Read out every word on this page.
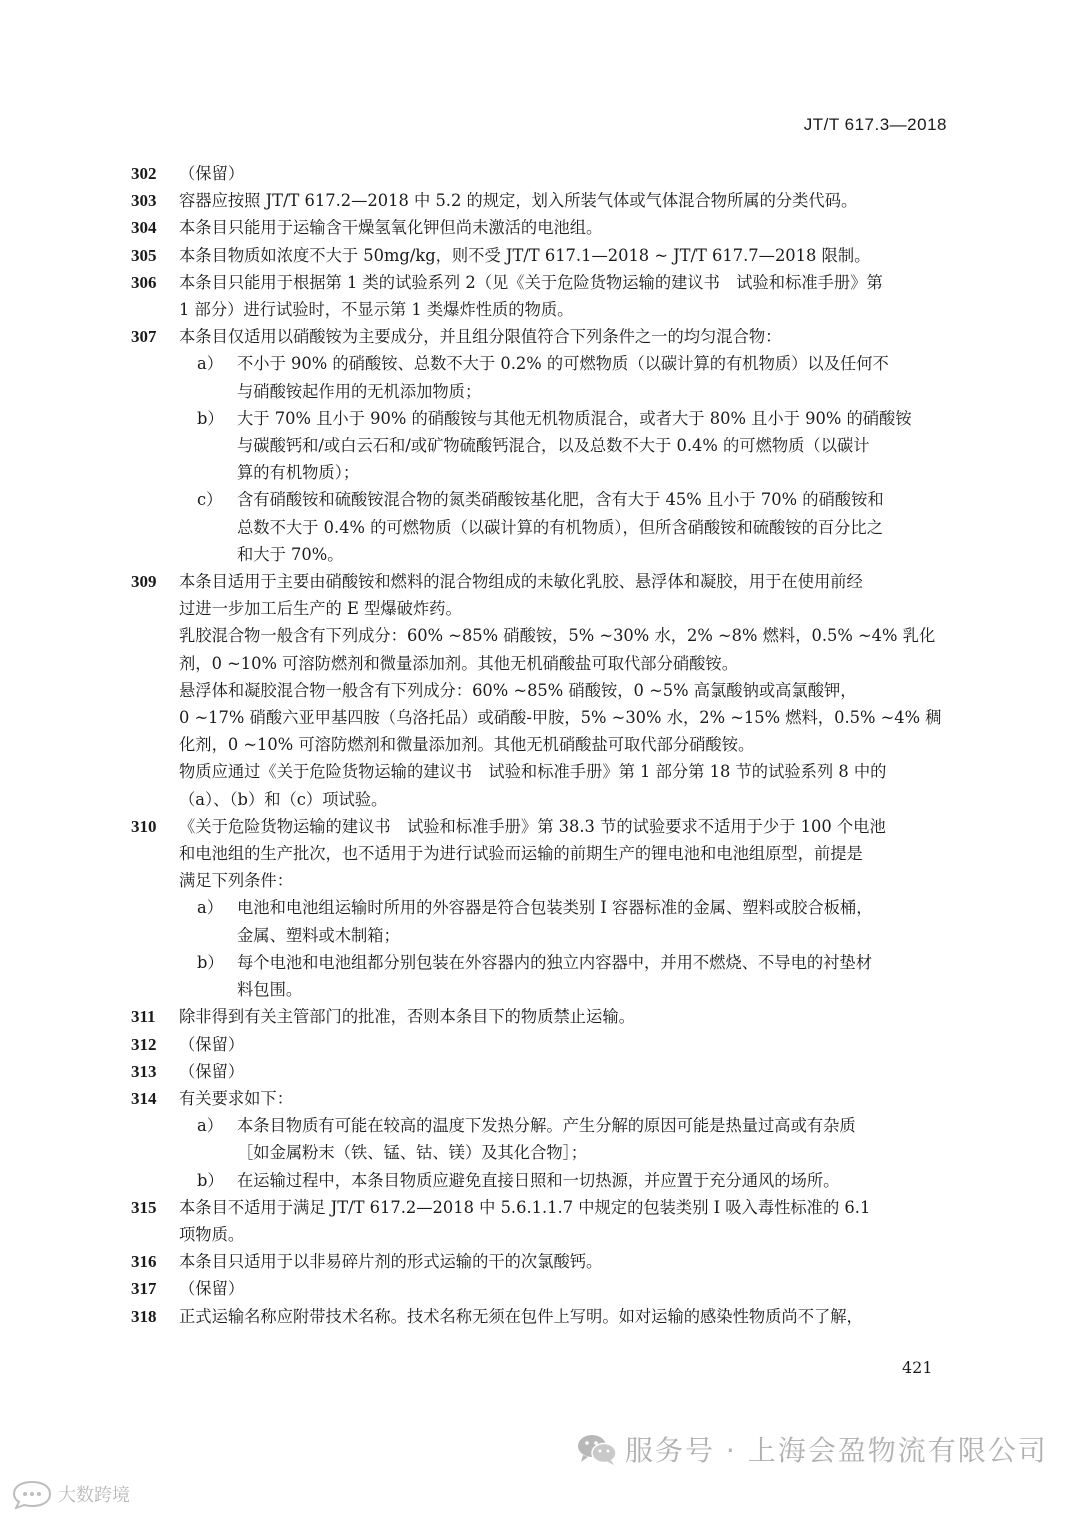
JT/T 617.3—2018
302	（保留）
303	容器应按照 JT/T 617.2—2018 中 5.2 的规定，划入所装气体或气体混合物所属的分类代码。
304	本条目只能用于运输含干燥氢氧化钾但尚未激活的电池组。
305	本条目物质如浓度不大于 50mg/kg，则不受 JT/T 617.1—2018 ~ JT/T 617.7—2018 限制。
306	本条目只能用于根据第 1 类的试验系列 2（见《关于危险货物运输的建议书　试验和标准手册》第
1 部分）进行试验时，不显示第 1 类爆炸性质的物质。
307	本条目仅适用以硝酸铵为主要成分，并且组分限值符合下列条件之一的均匀混合物：
a） 不小于 90% 的硝酸铵、总数不大于 0.2% 的可燃物质（以碳计算的有机物质）以及任何不
与硝酸铵起作用的无机添加物质；
b） 大于 70% 且小于 90% 的硝酸铵与其他无机物质混合，或者大于 80% 且小于 90% 的硝酸铵
与碳酸钙和/或白云石和/或矿物硫酸钙混合，以及总数不大于 0.4% 的可燃物质（以碳计
算的有机物质）；
c） 含有硝酸铵和硫酸铵混合物的氮类硝酸铵基化肥，含有大于 45% 且小于 70% 的硝酸铵和
总数不大于 0.4% 的可燃物质（以碳计算的有机物质），但所含硝酸铵和硫酸铵的百分比之
和大于 70%。
309	本条目适用于主要由硝酸铵和燃料的混合物组成的未敏化乳胶、悬浮体和凝胶，用于在使用前经
过进一步加工后生产的 E 型爆破炸药。
乳胶混合物一般含有下列成分：60% ~85% 硝酸铵，5% ~30% 水，2% ~8% 燃料，0.5% ~4% 乳化
剂，0 ~10% 可溶防燃剂和微量添加剂。其他无机硝酸盐可取代部分硝酸铵。
悬浮体和凝胶混合物一般含有下列成分：60% ~85% 硝酸铵，0 ~5% 高氯酸钠或高氯酸钾，
0 ~17% 硝酸六亚甲基四胺（乌洛托品）或硝酸-甲胺，5% ~30% 水，2% ~15% 燃料，0.5% ~4% 稠
化剂，0 ~10% 可溶防燃剂和微量添加剂。其他无机硝酸盐可取代部分硝酸铵。
物质应通过《关于危险货物运输的建议书　试验和标准手册》第 1 部分第 18 节的试验系列 8 中的
（a）、（b）和（c）项试验。
310	《关于危险货物运输的建议书　试验和标准手册》第 38.3 节的试验要求不适用于少于 100 个电池
和电池组的生产批次，也不适用于为进行试验而运输的前期生产的锂电池和电池组原型，前提是
满足下列条件：
a） 电池和电池组运输时所用的外容器是符合包装类别 Ⅰ 容器标准的金属、塑料或胶合板桶，
金属、塑料或木制箱；
b） 每个电池和电池组都分别包装在外容器内的独立内容器中，并用不燃烧、不导电的衬垫材
料包围。
311	除非得到有关主管部门的批准，否则本条目下的物质禁止运输。
312	（保留）
313	（保留）
314	有关要求如下：
a） 本条目物质有可能在较高的温度下发热分解。产生分解的原因可能是热量过高或有杂质
［如金属粉末（铁、锰、钴、镁）及其化合物］；
b） 在运输过程中，本条目物质应避免直接日照和一切热源，并应置于充分通风的场所。
315	本条目不适用于满足 JT/T 617.2—2018 中 5.6.1.1.7 中规定的包装类别 Ⅰ 吸入毒性标准的 6.1
项物质。
316	本条目只适用于以非易碎片剂的形式运输的干的次氯酸钙。
317	（保留）
318	正式运输名称应附带技术名称。技术名称无须在包件上写明。如对运输的感染性物质尚不了解，
421
大数跨境
服务号 · 上海会盈物流有限公司
